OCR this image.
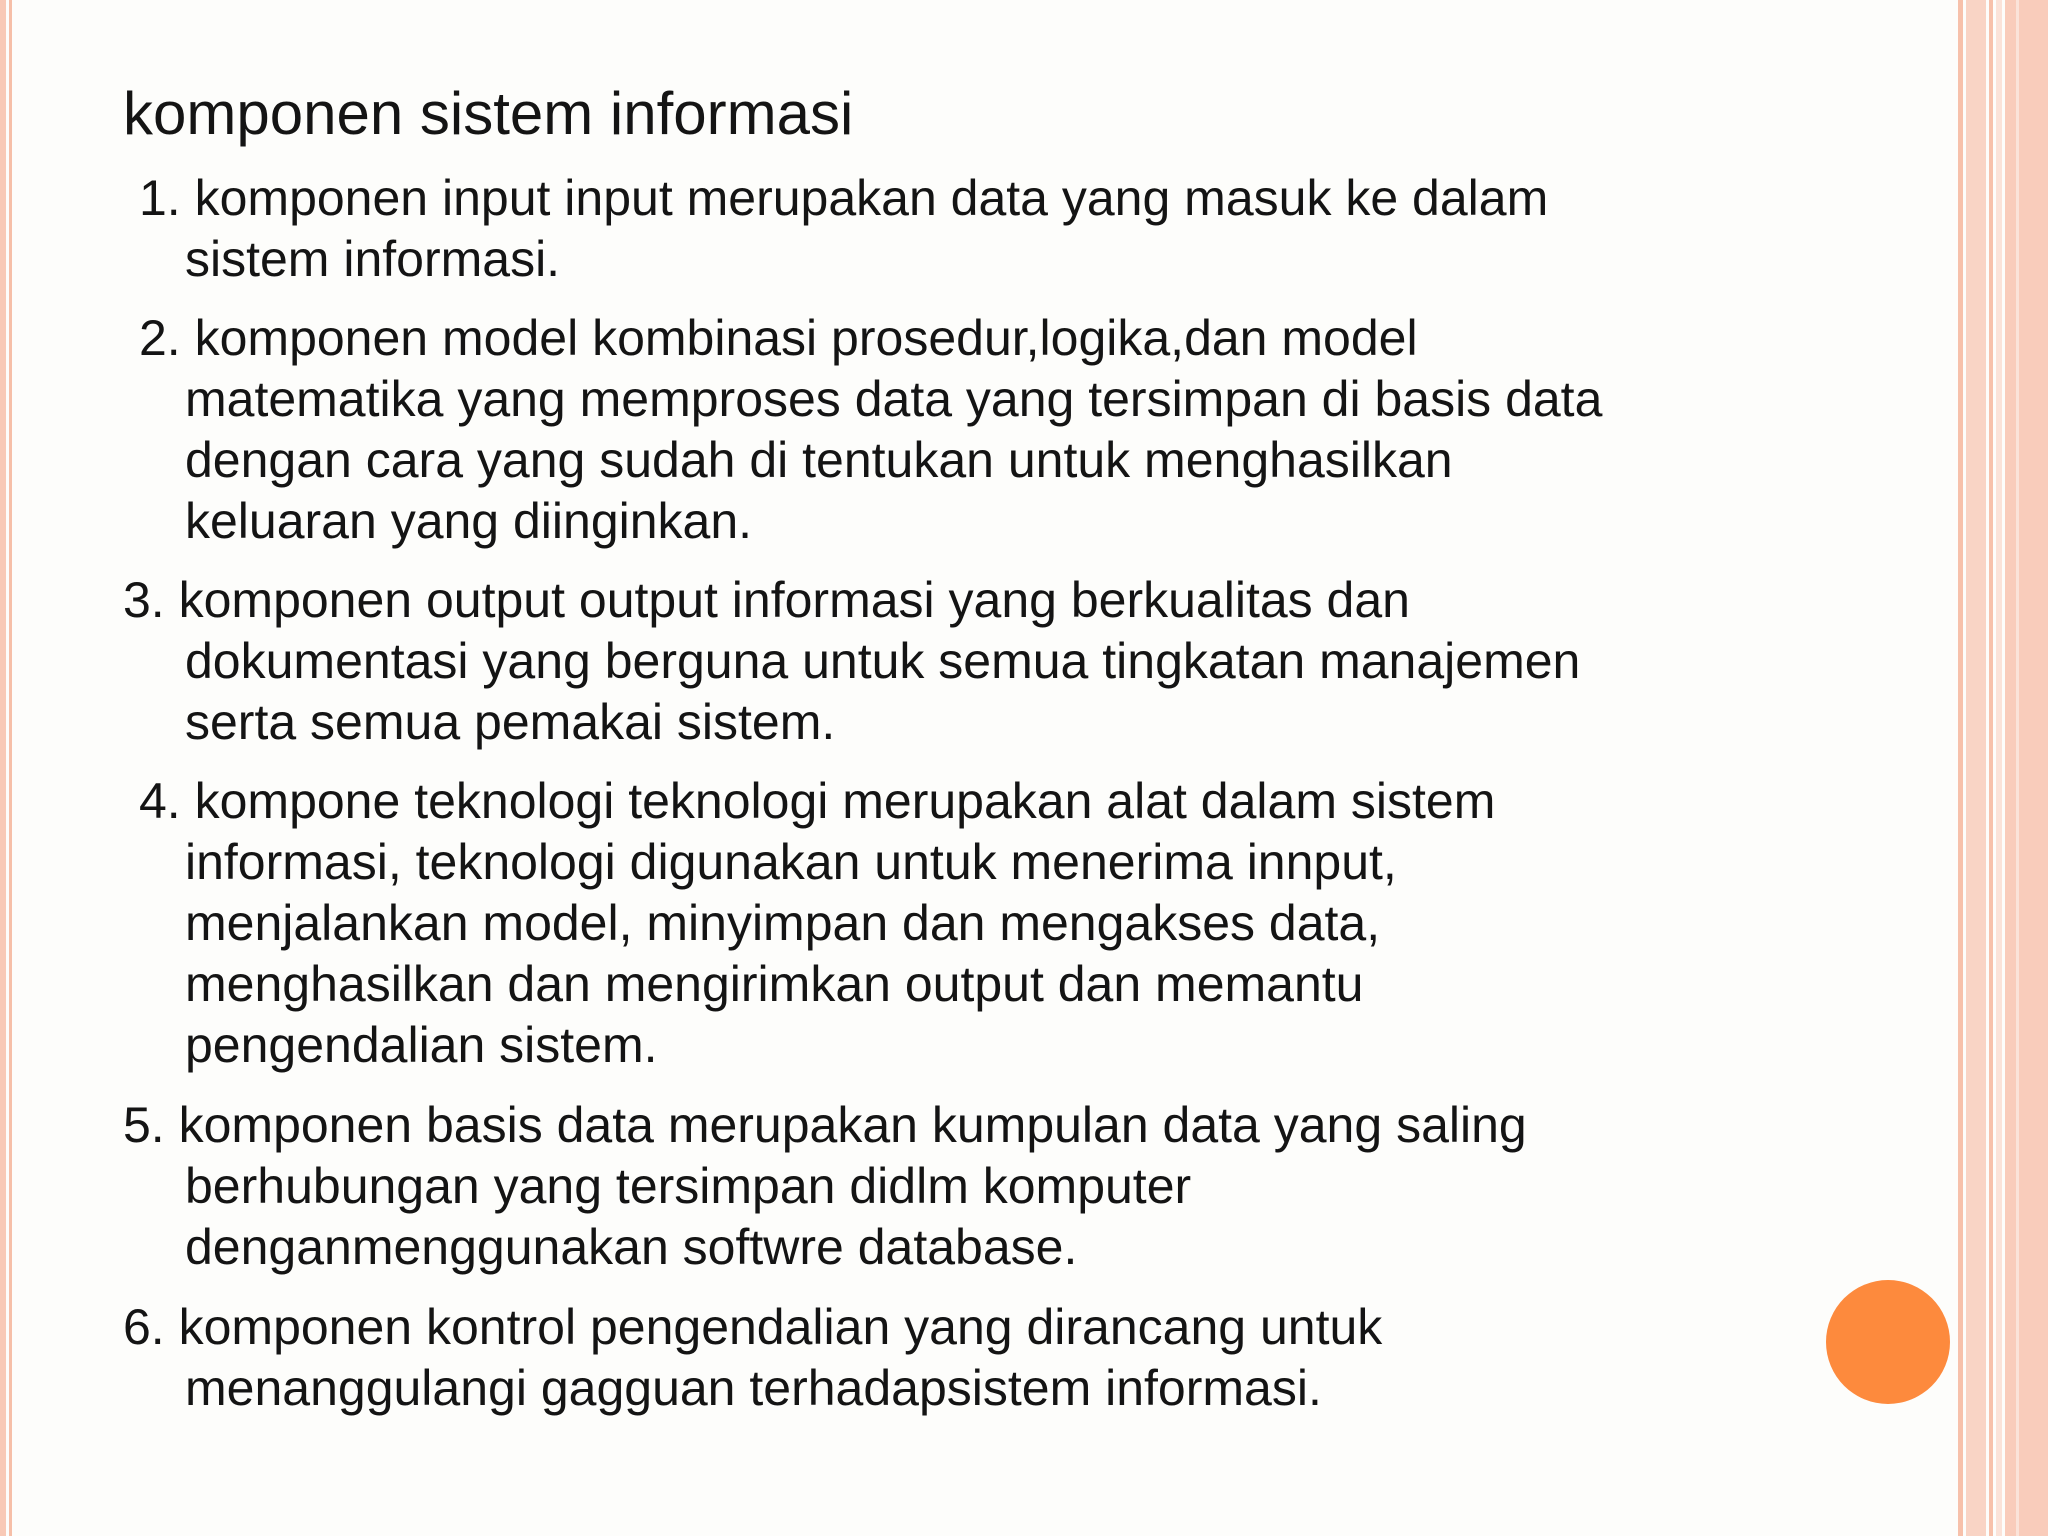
komponen sistem informasi
1. komponen input input merupakan data yang masuk ke dalam
sistem informasi.
2. komponen model kombinasi prosedur,logika,dan model
matematika yang memproses data yang tersimpan di basis data
dengan cara yang sudah di tentukan untuk menghasilkan
keluaran yang diinginkan.
3. komponen output output informasi yang berkualitas dan
dokumentasi yang berguna untuk semua tingkatan manajemen
serta semua pemakai sistem.
4. kompone teknologi teknologi merupakan alat dalam sistem
informasi, teknologi digunakan untuk menerima innput,
menjalankan model, minyimpan dan mengakses data,
menghasilkan dan mengirimkan output dan memantu
pengendalian sistem.
5. komponen basis data merupakan kumpulan data yang saling
berhubungan yang tersimpan didlm komputer
denganmenggunakan softwre database.
6. komponen kontrol pengendalian yang dirancang untuk
menanggulangi gagguan terhadapsistem informasi.
